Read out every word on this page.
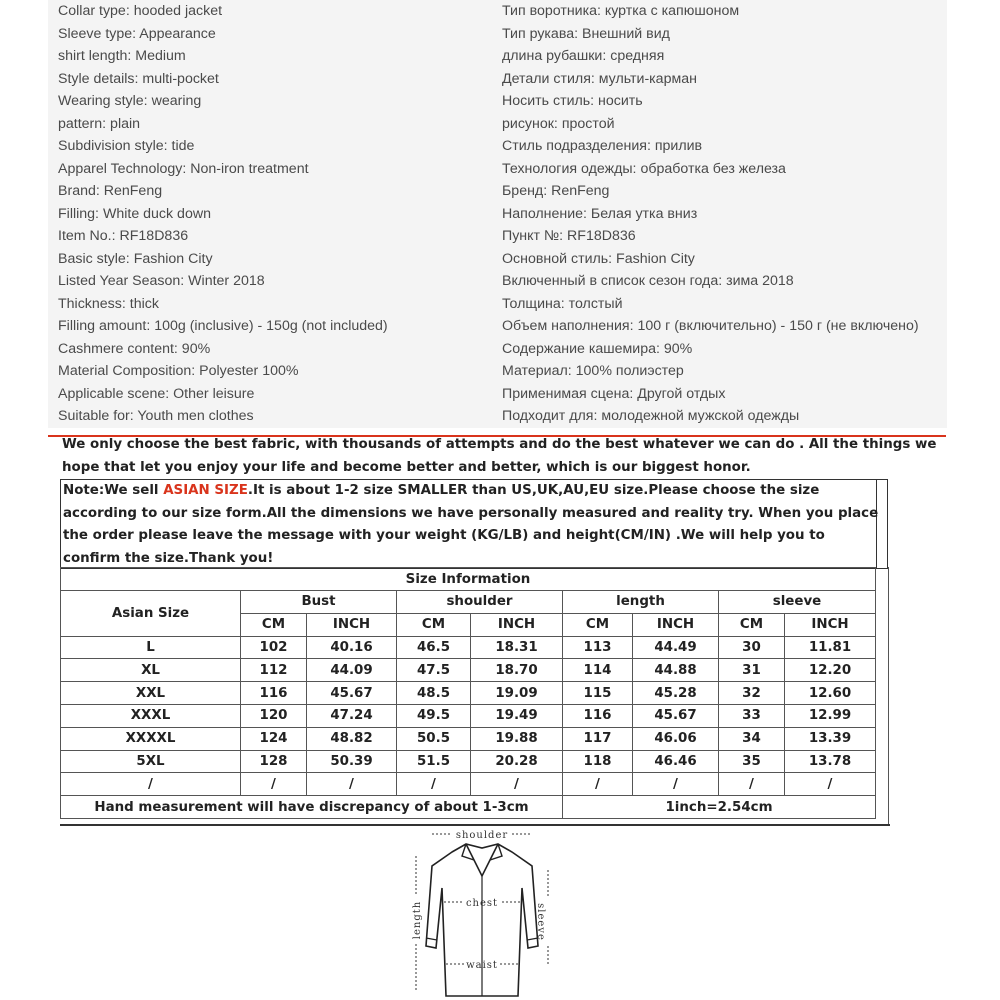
Collar type: hooded jacket
Sleeve type: Appearance
shirt length: Medium
Style details: multi-pocket
Wearing style: wearing
pattern: plain
Subdivision style: tide
Apparel Technology: Non-iron treatment
Brand: RenFeng
Filling: White duck down
Item No.: RF18D836
Basic style: Fashion City
Listed Year Season: Winter 2018
Thickness: thick
Filling amount: 100g (inclusive) - 150g (not included)
Cashmere content: 90%
Material Composition: Polyester 100%
Applicable scene: Other leisure
Suitable for: Youth men clothes
Тип воротника: куртка с капюшоном
Тип рукава: Внешний вид
длина рубашки: средняя
Детали стиля: мульти-карман
Носить стиль: носить
рисунок: простой
Стиль подразделения: прилив
Технология одежды: обработка без железа
Бренд: RenFeng
Наполнение: Белая утка вниз
Пункт №: RF18D836
Основной стиль: Fashion City
Включенный в список сезон года: зима 2018
Толщина: толстый
Объем наполнения: 100 г (включительно) - 150 г (не включено)
Содержание кашемира: 90%
Материал: 100% полиэстер
Применимая сцена: Другой отдых
Подходит для: молодежной мужской одежды
We only choose the best fabric, with thousands of attempts and do the best whatever we can do . All the things we hope that let you enjoy your life and become better and better, which is our biggest honor.
Note:We sell ASIAN SIZE.It is about 1-2 size SMALLER than US,UK,AU,EU size.Please choose the size according to our size form.All the dimensions we have personally measured and reality try. When you place the order please leave the message with your weight (KG/LB) and height(CM/IN) .We will help you to confirm the size.Thank you!
Size Information								
Asian Size	Bust		shoulder		length		sleeve	
	CM	INCH	CM	INCH	CM	INCH	CM	INCH
L	102	40.16	46.5	18.31	113	44.49	30	11.81
XL	112	44.09	47.5	18.70	114	44.88	31	12.20
XXL	116	45.67	48.5	19.09	115	45.28	32	12.60
XXXL	120	47.24	49.5	19.49	116	45.67	33	12.99
XXXXL	124	48.82	50.5	19.88	117	46.06	34	13.39
5XL	128	50.39	51.5	20.28	118	46.46	35	13.78
/	/	/	/	/	/	/	/	/
Hand measurement will have discrepancy of about 1-3cm					1inch=2.54cm			
shoulder
chest
waist
length	sleeve
